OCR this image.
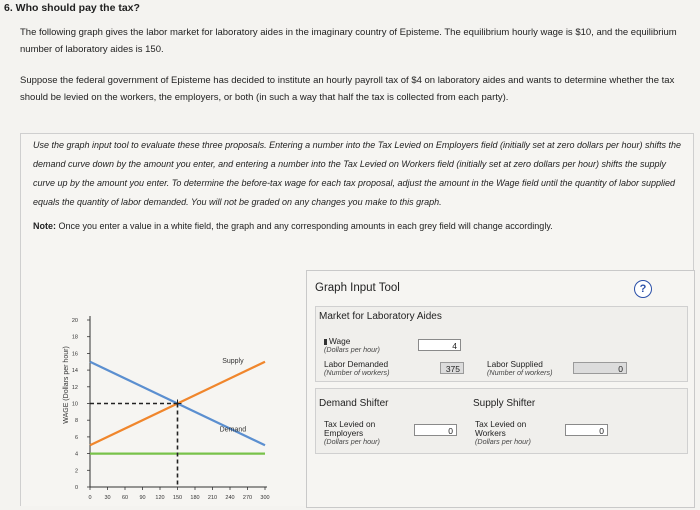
6. Who should pay the tax?
The following graph gives the labor market for laboratory aides in the imaginary country of Episteme. The equilibrium hourly wage is $10, and the equilibrium number of laboratory aides is 150.
Suppose the federal government of Episteme has decided to institute an hourly payroll tax of $4 on laboratory aides and wants to determine whether the tax should be levied on the workers, the employers, or both (in such a way that half the tax is collected from each party).
Use the graph input tool to evaluate these three proposals. Entering a number into the Tax Levied on Employers field (initially set at zero dollars per hour) shifts the demand curve down by the amount you enter, and entering a number into the Tax Levied on Workers field (initially set at zero dollars per hour) shifts the supply curve up by the amount you enter. To determine the before-tax wage for each tax proposal, adjust the amount in the Wage field until the quantity of labor supplied equals the quantity of labor demanded. You will not be graded on any changes you make to this graph.
Note: Once you enter a value in a white field, the graph and any corresponding amounts in each grey field will change accordingly.
Graph Input Tool	?
Market for Laboratory Aides
Wage
(Dollars per hour)	4
Labor Demanded
(Number of workers)	375	Labor Supplied
(Number of workers)	0
Demand Shifter	Supply Shifter
Tax Levied on
Employers
(Dollars per hour)
0
Tax Levied on
Workers
(Dollars per hour)
0
WAGE (Dollars per hour)
0
2
4
6
8
10
12
14
16
18
20
0 30 60 90 120 150 180 210 240 270 300
Supply
Demand
